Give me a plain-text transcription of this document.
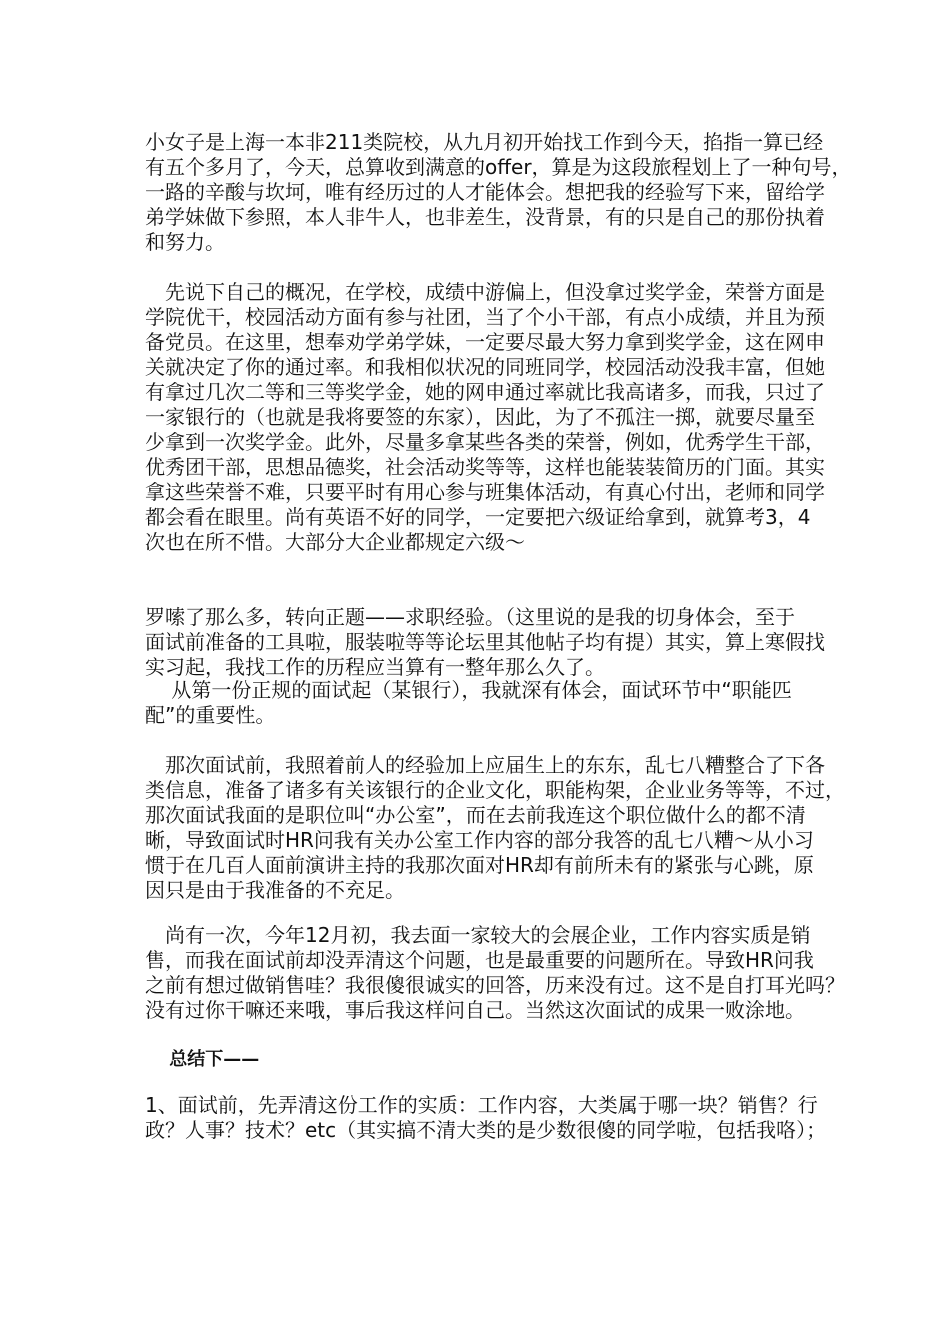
小女子是上海一本非211类院校，从九月初开始找工作到今天，掐指一算已经
有五个多月了，今天，总算收到满意的offer，算是为这段旅程划上了一种句号，
一路的辛酸与坎坷，唯有经历过的人才能体会。想把我的经验写下来，留给学
弟学妹做下参照，本人非牛人，也非差生，没背景，有的只是自己的那份执着
和努力。
　先说下自己的概况，在学校，成绩中游偏上，但没拿过奖学金，荣誉方面是
学院优干，校园活动方面有参与社团，当了个小干部，有点小成绩，并且为预
备党员。在这里，想奉劝学弟学妹，一定要尽最大努力拿到奖学金，这在网申
关就决定了你的通过率。和我相似状况的同班同学，校园活动没我丰富，但她
有拿过几次二等和三等奖学金，她的网申通过率就比我高诸多，而我，只过了
一家银行的（也就是我将要签的东家），因此，为了不孤注一掷，就要尽量至
少拿到一次奖学金。此外，尽量多拿某些各类的荣誉，例如，优秀学生干部，
优秀团干部，思想品德奖，社会活动奖等等，这样也能装装简历的门面。其实
拿这些荣誉不难，只要平时有用心参与班集体活动，有真心付出，老师和同学
都会看在眼里。尚有英语不好的同学，一定要把六级证给拿到，就算考3，4
次也在所不惜。大部分大企业都规定六级～
罗嗦了那么多，转向正题——求职经验。（这里说的是我的切身体会，至于
面试前准备的工具啦，服装啦等等论坛里其他帖子均有提）其实，算上寒假找
实习起，我找工作的历程应当算有一整年那么久了。
　 从第一份正规的面试起（某银行），我就深有体会，面试环节中“职能匹
配”的重要性。
　那次面试前，我照着前人的经验加上应届生上的东东，乱七八糟整合了下各
类信息，准备了诸多有关该银行的企业文化，职能构架，企业业务等等，不过，
那次面试我面的是职位叫“办公室”，而在去前我连这个职位做什么的都不清
晰，导致面试时HR问我有关办公室工作内容的部分我答的乱七八糟～从小习
惯于在几百人面前演讲主持的我那次面对HR却有前所未有的紧张与心跳，原
因只是由于我准备的不充足。
　尚有一次，今年12月初，我去面一家较大的会展企业，工作内容实质是销
售，而我在面试前却没弄清这个问题，也是最重要的问题所在。导致HR问我
之前有想过做销售哇？我很傻很诚实的回答，历来没有过。这不是自打耳光吗？
没有过你干嘛还来哦，事后我这样问自己。当然这次面试的成果一败涂地。
　 总结下——
1、面试前，先弄清这份工作的实质：工作内容，大类属于哪一块？销售？行
政？人事？技术？etc（其实搞不清大类的是少数很傻的同学啦，包括我咯）；
